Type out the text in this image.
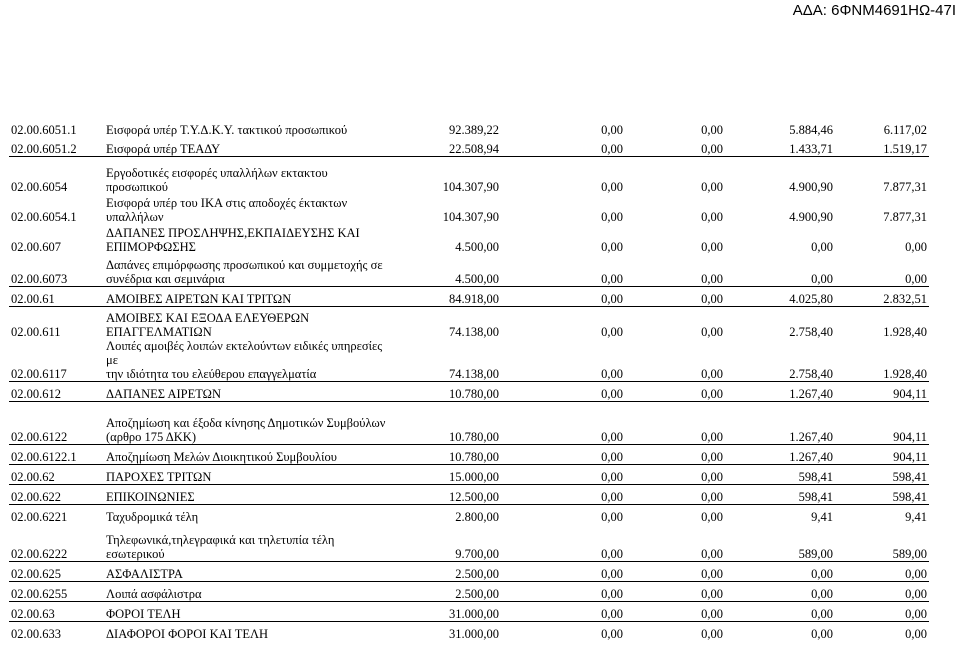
ΑΔΑ: 6ΦΝΜ4691ΗΩ-47Ι
02.00.6051.1	Εισφορά υπέρ Τ.Υ.Δ.Κ.Υ. τακτικού προσωπικού	92.389,22	0,00	0,00	5.884,46	6.117,02
02.00.6051.2	Εισφορά υπέρ ΤΕΑΔΥ	22.508,94	0,00	0,00	1.433,71	1.519,17

02.00.6054	Εργοδοτικές εισφορές υπαλλήλων εκτακτου προσωπικού	104.307,90	0,00	0,00	4.900,90	7.877,31
02.00.6054.1	Εισφορά υπέρ του ΙΚΑ στις αποδοχές έκτακτων
υπαλλήλων	104.307,90	0,00	0,00	4.900,90	7.877,31
02.00.607	ΔΑΠΑΝΕΣ ΠΡΟΣΛΗΨΗΣ,ΕΚΠΑΙΔΕΥΣΗΣ ΚΑΙ
ΕΠΙΜΟΡΦΩΣΗΣ	4.500,00	0,00	0,00	0,00	0,00
02.00.6073	Δαπάνες επιμόρφωσης προσωπικού και συμμετοχής σε
συνέδρια και σεμινάρια	4.500,00	0,00	0,00	0,00	0,00
02.00.61	ΑΜΟΙΒΕΣ ΑΙΡΕΤΩΝ ΚΑΙ ΤΡΙΤΩΝ	84.918,00	0,00	0,00	4.025,80	2.832,51
02.00.611	ΑΜΟΙΒΕΣ ΚΑΙ ΕΞΟΔΑ ΕΛΕΥΘΕΡΩΝ
ΕΠΑΓΓΕΛΜΑΤΙΩΝ	74.138,00	0,00	0,00	2.758,40	1.928,40
02.00.6117	Λοιπές αμοιβές λοιπών εκτελούντων ειδικές υπηρεσίες με
την ιδιότητα του ελεύθερου επαγγελματία	74.138,00	0,00	0,00	2.758,40	1.928,40
02.00.612	ΔΑΠΑΝΕΣ ΑΙΡΕΤΩΝ	10.780,00	0,00	0,00	1.267,40	904,11
02.00.6122	Αποζημίωση και έξοδα κίνησης Δημοτικών Συμβούλων
(αρθρο 175 ΔΚΚ)	10.780,00	0,00	0,00	1.267,40	904,11
02.00.6122.1	Αποζημίωση Μελών Διοικητικού Συμβουλίου	10.780,00	0,00	0,00	1.267,40	904,11
02.00.62	ΠΑΡΟΧΕΣ ΤΡΙΤΩΝ	15.000,00	0,00	0,00	598,41	598,41
02.00.622	ΕΠΙΚΟΙΝΩΝΙΕΣ	12.500,00	0,00	0,00	598,41	598,41
02.00.6221	Ταχυδρομικά τέλη	2.800,00	0,00	0,00	9,41	9,41

02.00.6222	Τηλεφωνικά,τηλεγραφικά και τηλετυπία τέλη εσωτερικού	9.700,00	0,00	0,00	589,00	589,00
02.00.625	ΑΣΦΑΛΙΣΤΡΑ	2.500,00	0,00	0,00	0,00	0,00
02.00.6255	Λοιπά ασφάλιστρα	2.500,00	0,00	0,00	0,00	0,00
02.00.63	ΦΟΡΟΙ ΤΕΛΗ	31.000,00	0,00	0,00	0,00	0,00
02.00.633	ΔΙΑΦΟΡΟΙ ΦΟΡΟΙ ΚΑΙ ΤΕΛΗ	31.000,00	0,00	0,00	0,00	0,00
